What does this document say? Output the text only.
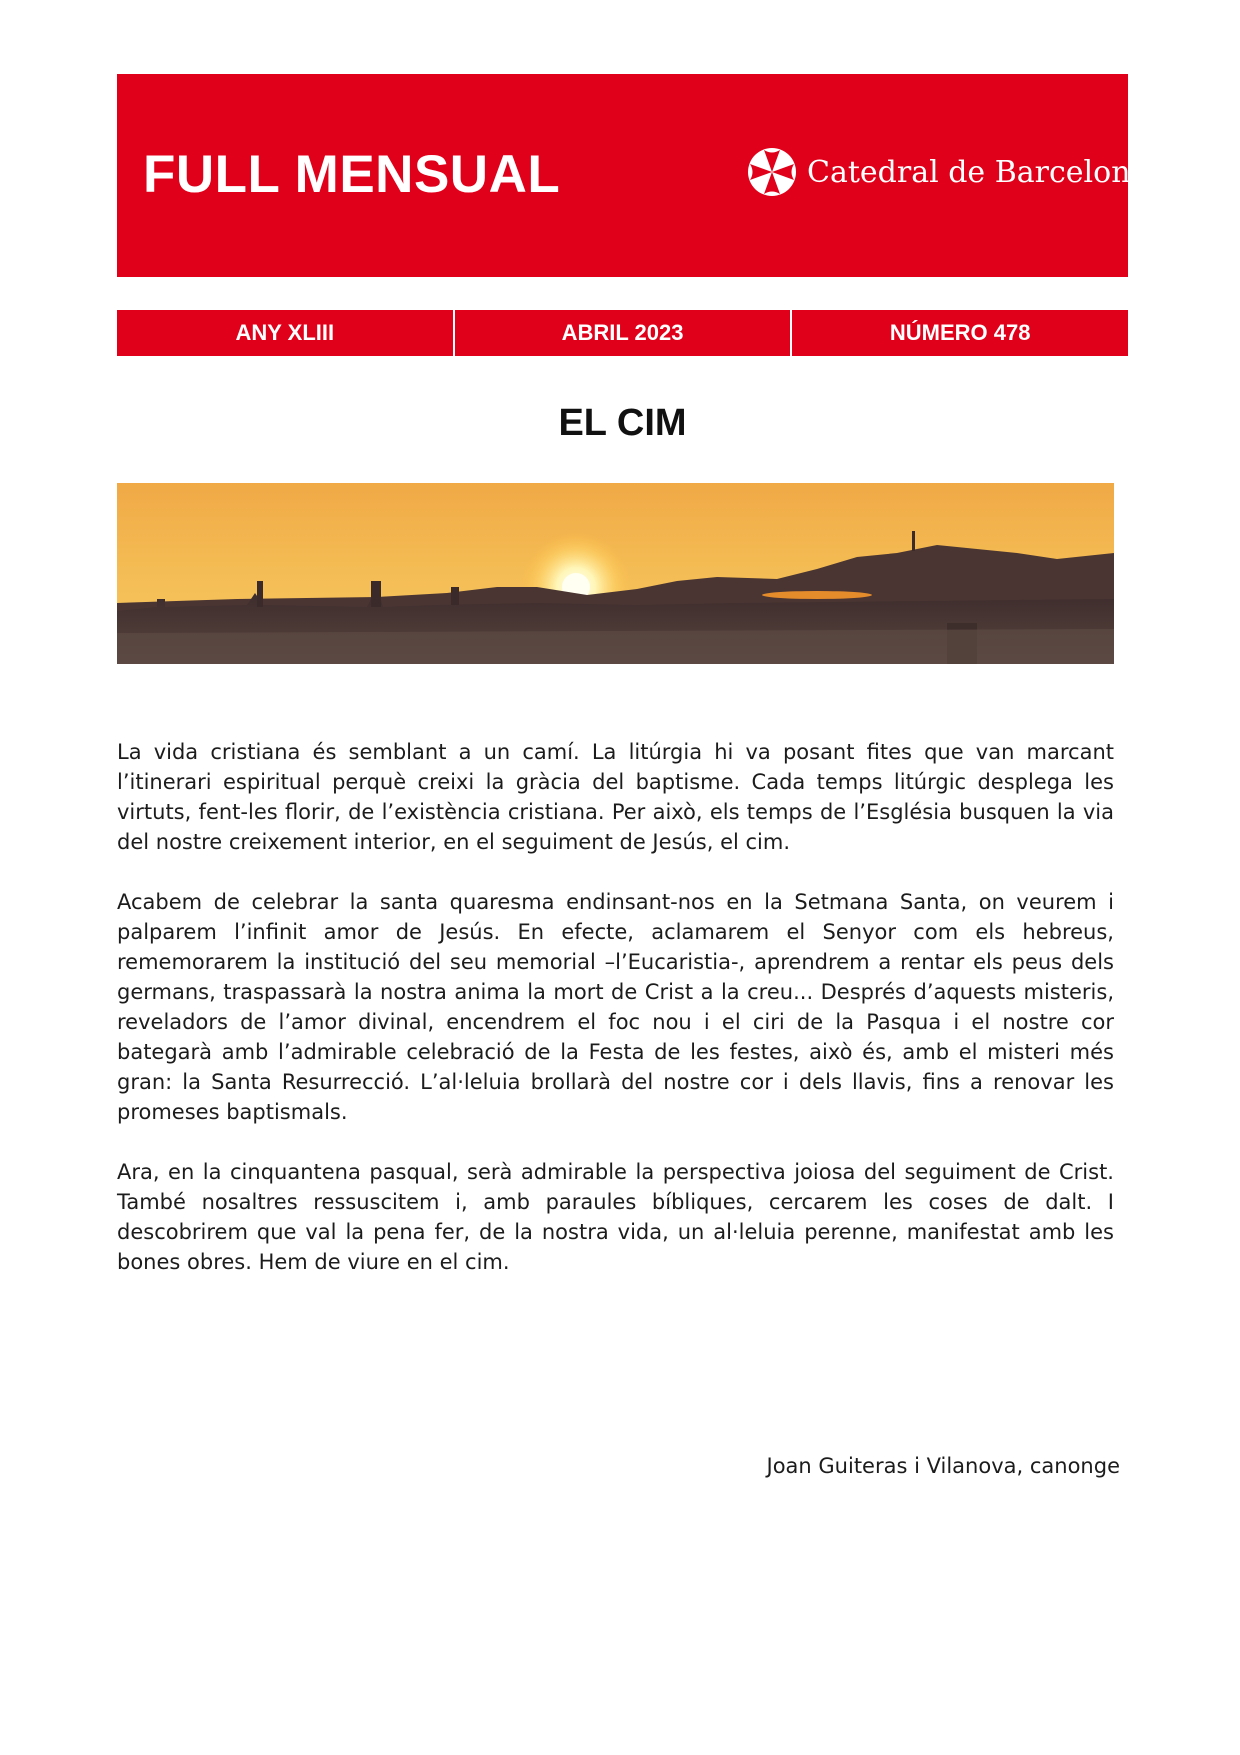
FULL MENSUAL	Catedral de Barcelona
ANY XLIII	ABRIL 2023	NÚMERO 478
EL CIM

La vida cristiana és semblant a un camí. La litúrgia hi va posant fites que van marcant l’itinerari espiritual perquè creixi la gràcia del baptisme. Cada temps litúrgic desplega les virtuts, fent-les florir, de l’existència cristiana. Per això, els temps de l’Església busquen la via del nostre creixement interior, en el seguiment de Jesús, el cim.

Acabem de celebrar la santa quaresma endinsant-nos en la Setmana Santa, on veurem i palparem l’infinit amor de Jesús. En efecte, aclamarem el Senyor com els hebreus, rememorarem la institució del seu memorial –l’Eucaristia-, aprendrem a rentar els peus dels germans, traspassarà la nostra anima la mort de Crist a la creu... Després d’aquests misteris, reveladors de l’amor divinal, encendrem el foc nou i el ciri de la Pasqua i el nostre cor bategarà amb l’admirable celebració de la Festa de les festes, això és, amb el misteri més gran: la Santa Resurrecció. L’al·leluia brollarà del nostre cor i dels llavis, fins a renovar les promeses baptismals.

Ara, en la cinquantena pasqual, serà admirable la perspectiva joiosa del seguiment de Crist. També nosaltres ressuscitem i, amb paraules bíbliques, cercarem les coses de dalt. I descobrirem que val la pena fer, de la nostra vida, un al·leluia perenne, manifestat amb les bones obres. Hem de viure en el cim.

Joan Guiteras i Vilanova, canonge
